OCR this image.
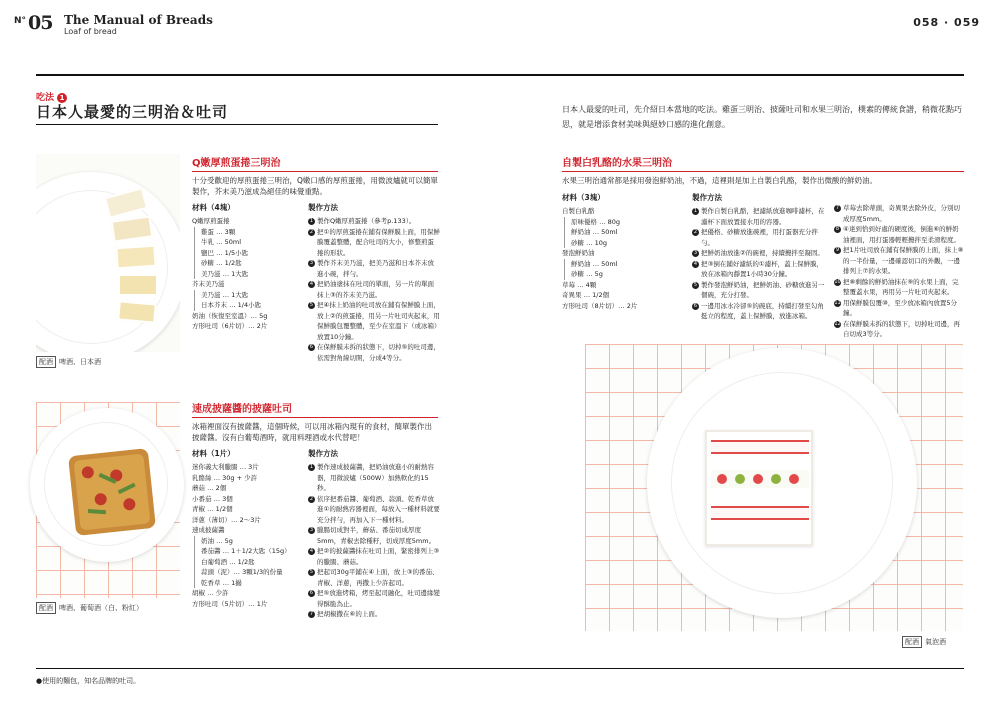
N° 05 The Manual of Breads
Loaf of bread
058 · 059
吃法 1
日本人最愛的三明治＆吐司	日本人最愛的吐司，先介紹日本當地的吃法。雞蛋三明治、披薩吐司和水果三明治，樸素的傳統食譜，稍微花點巧思，就是增添食材美味與絕妙口感的進化創意。
配酒 啤酒、日本酒
Q嫩厚煎蛋捲三明治
十分受歡迎的厚煎蛋捲三明治，Q嫩口感的厚煎蛋捲，用微波爐就可以簡單製作，芥末美乃滋成為絕佳的味覺重點。
材料（4塊）
Q嫩厚煎蛋捲
雞蛋 … 3顆
牛乳 … 50ml
鹽巴 … 1/5小匙
砂糖 … 1/2匙
美乃滋 … 1大匙
芥末美乃滋
美乃滋 … 1大匙
日本芥末 … 1/4小匙
奶油（恢復至室溫）… 5g
方形吐司（6片切）… 2片
製作方法
1 製作Q嫩厚煎蛋捲（參考p.133）。
2 把①的厚煎蛋捲在鋪有保鮮膜上面，用保鮮膜覆蓋整體，配合吐司的大小，修整煎蛋捲的形狀。
3 製作芥末美乃滋，把美乃滋和日本芥末放進小碗，拌勻。
4 把奶油塗抹在吐司的單面，另一片的單面抹上③的芥末美乃滋。
5 把④抹上奶油的吐司放在鋪有保鮮膜上面，放上②的煎蛋捲，用另一片吐司夾起來，用保鮮膜包覆整體，至少在室溫下（或冰箱）放置10分鐘。
6 在保鮮膜未拆的狀態下，切掉⑤的吐司邊，依需對角線切開，分成4等分。
配酒 啤酒、葡萄酒（白、粉紅）
速成披薩醬的披薩吐司
冰箱裡面沒有披薩醬，這個時候，可以用冰箱內現有的食材，簡單製作出披薩醬。沒有白葡萄酒時，就用料理酒或水代替吧！
材料（1片）
迷你義大利臘腸 … 3片
乳酪絲 … 30g + 少許
蘑菇 … 2個
小番茄 … 3個
青椒 … 1/2個
洋蔥（薄切）… 2～3片
速成披薩醬
奶油 … 5g
番茄醬 … 1＋1/2大匙（15g）
白葡萄酒 … 1/2匙
蒜頭（泥）… 3顆1/3的份量
乾香草 … 1撮
胡椒 … 少許
方形吐司（5片切）… 1片
製作方法
1 製作速成披薩醬，把奶油放進小的耐熱容器，用微波爐（500W）加熱軟化約15秒。
2 依序把番茄醬、葡萄酒、蒜頭、乾香草放進①的耐熱容器裡面，每放入一種材料就要充分拌勻，再加入下一種材料。
3 臘腸切成對半，蘑菇、番茄切成厚度5mm，青椒去除種籽，切成厚度5mm。
4 把②的披薩醬抹在吐司上面，緊密排列上③的臘腸、蘑菇。
5 把起司30g平鋪在④上面，放上③的番茄、青椒、洋蔥，再撒上少許起司。
6 把⑤放進烤箱，烤至起司融化，吐司邊緣變得酥脆為止。
7 把胡椒撒在⑥的上面。
自製白乳酪的水果三明治
水果三明治通常都是採用發泡鮮奶油，不過，這裡則是加上自製白乳酪，製作出微酸的鮮奶油。
材料（3塊）
自製白乳酪
原味優格 … 80g
鮮奶油 … 50ml
砂糖 … 10g
發泡鮮奶油
鮮奶油 … 50ml
砂糖 … 5g
草莓 … 4顆
奇異果 … 1/2個
方形吐司（8片切）… 2片
製作方法
1 製作自製白乳酪，把濾紙放進咖啡濾杯，在濾杯下面放置接水用的容器。
2 把優格、砂糖放進碗裡，用打蛋器充分拌勻。
3 把鮮奶油放進②的碗裡，持續攪拌至凝固。
4 把③倒在鋪好濾紙的①濾杯，蓋上保鮮膜，放在冰箱內靜置1小時30分鐘。
5 製作發泡鮮奶油，把鮮奶油、砂糖放進另一個碗，充分打發。
6 一邊用冰水冷卻⑤的碗底，持續打發至勾角挺立的程度，蓋上保鮮膜，放進冰箱。
7 草莓去除蒂頭，奇異果去除外皮，分別切成厚度5mm。
8 ④達到恰到好處的硬度後，倒進⑥的鮮奶油裡面，用打蛋器輕輕攪拌至柔滑程度。
9 把1片吐司放在鋪有保鮮膜的上面，抹上⑧的一半份量，一邊確認切口的外觀，一邊排列上⑦的水果。
10 把⑧剩餘的鮮奶油抹在⑨的水果上面，完整覆蓋水果，再用另一片吐司夾起來。
11 用保鮮膜包覆⑩，至少放冰箱內放置5分鐘。
12 在保鮮膜未拆的狀態下，切掉吐司邊，再自切成3等分。
配酒 氣泡酒
●使用的麵包，知名品牌的吐司。
